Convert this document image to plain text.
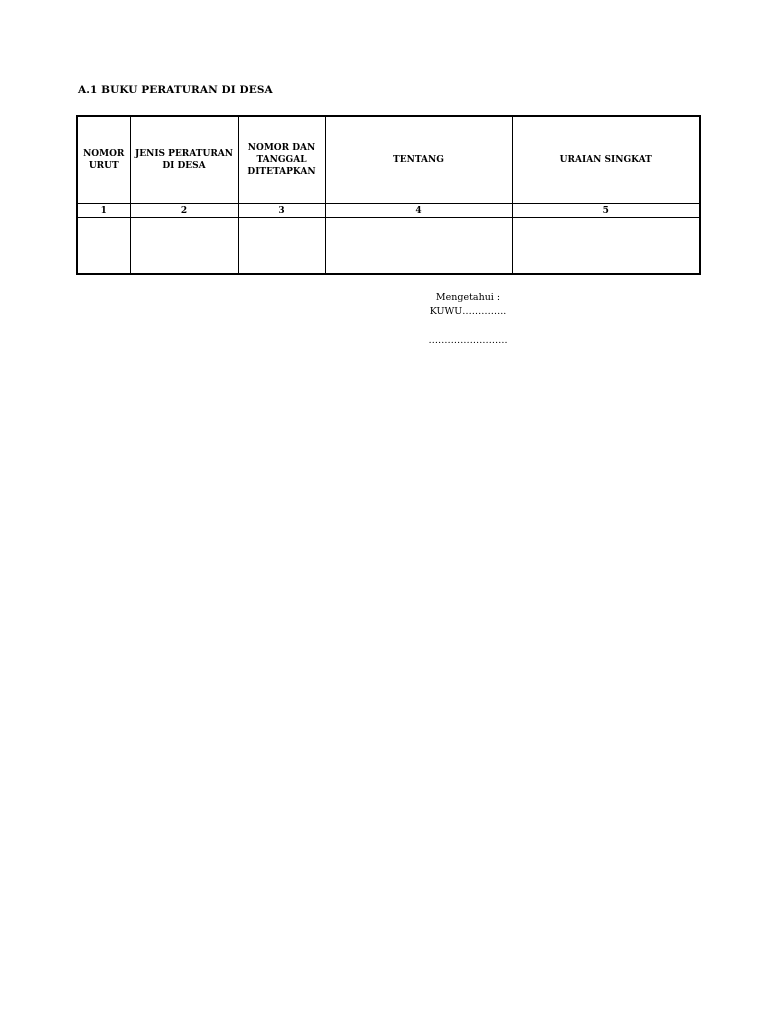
A.1 BUKU PERATURAN DI DESA
NOMOR URUT	JENIS PERATURAN DI DESA	NOMOR DAN TANGGAL DITETAPKAN	TENTANG	URAIAN SINGKAT
1	2	3	4	5

Mengetahui :
KUWU…………..
…………………….
